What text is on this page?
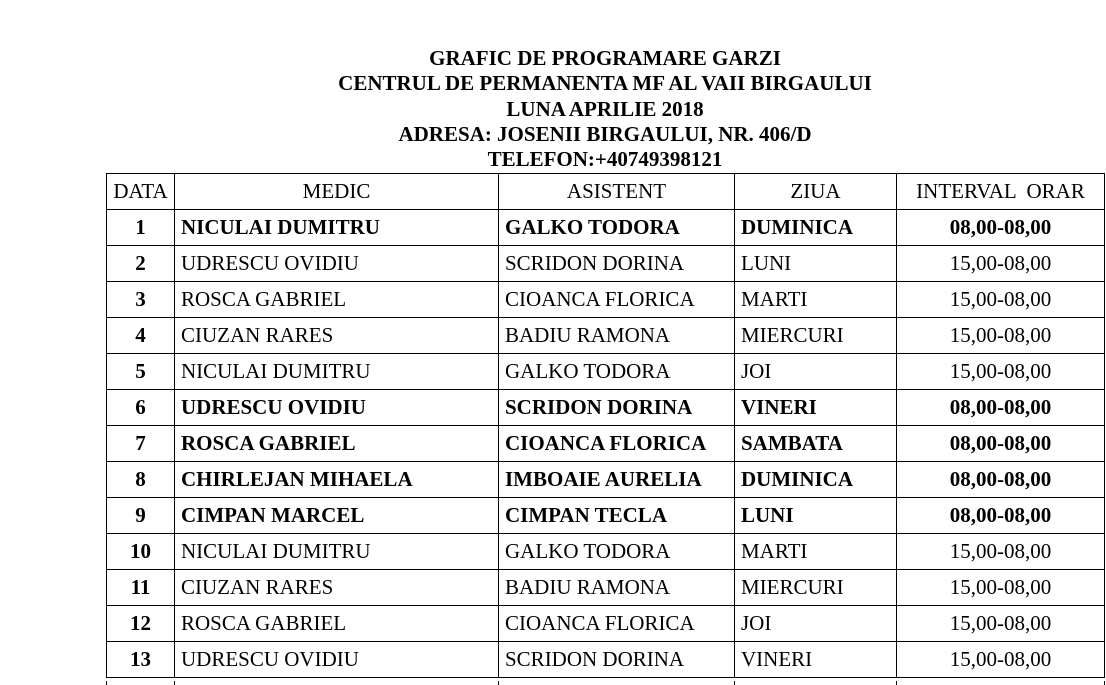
GRAFIC DE PROGRAMARE GARZI
CENTRUL DE PERMANENTA MF AL VAII BIRGAULUI
LUNA APRILIE 2018
ADRESA: JOSENII BIRGAULUI, NR. 406/D
TELEFON:+40749398121
DATA	MEDIC	ASISTENT	ZIUA	INTERVAL  ORAR
1	NICULAI DUMITRU	GALKO TODORA	DUMINICA	08,00-08,00
2	UDRESCU OVIDIU	SCRIDON DORINA	LUNI	15,00-08,00
3	ROSCA GABRIEL	CIOANCA FLORICA	MARTI	15,00-08,00
4	CIUZAN RARES	BADIU RAMONA	MIERCURI	15,00-08,00
5	NICULAI DUMITRU	GALKO TODORA	JOI	15,00-08,00
6	UDRESCU OVIDIU	SCRIDON DORINA	VINERI	08,00-08,00
7	ROSCA GABRIEL	CIOANCA FLORICA	SAMBATA	08,00-08,00
8	CHIRLEJAN MIHAELA	IMBOAIE AURELIA	DUMINICA	08,00-08,00
9	CIMPAN MARCEL	CIMPAN TECLA	LUNI	08,00-08,00
10	NICULAI DUMITRU	GALKO TODORA	MARTI	15,00-08,00
11	CIUZAN RARES	BADIU RAMONA	MIERCURI	15,00-08,00
12	ROSCA GABRIEL	CIOANCA FLORICA	JOI	15,00-08,00
13	UDRESCU OVIDIU	SCRIDON DORINA	VINERI	15,00-08,00
